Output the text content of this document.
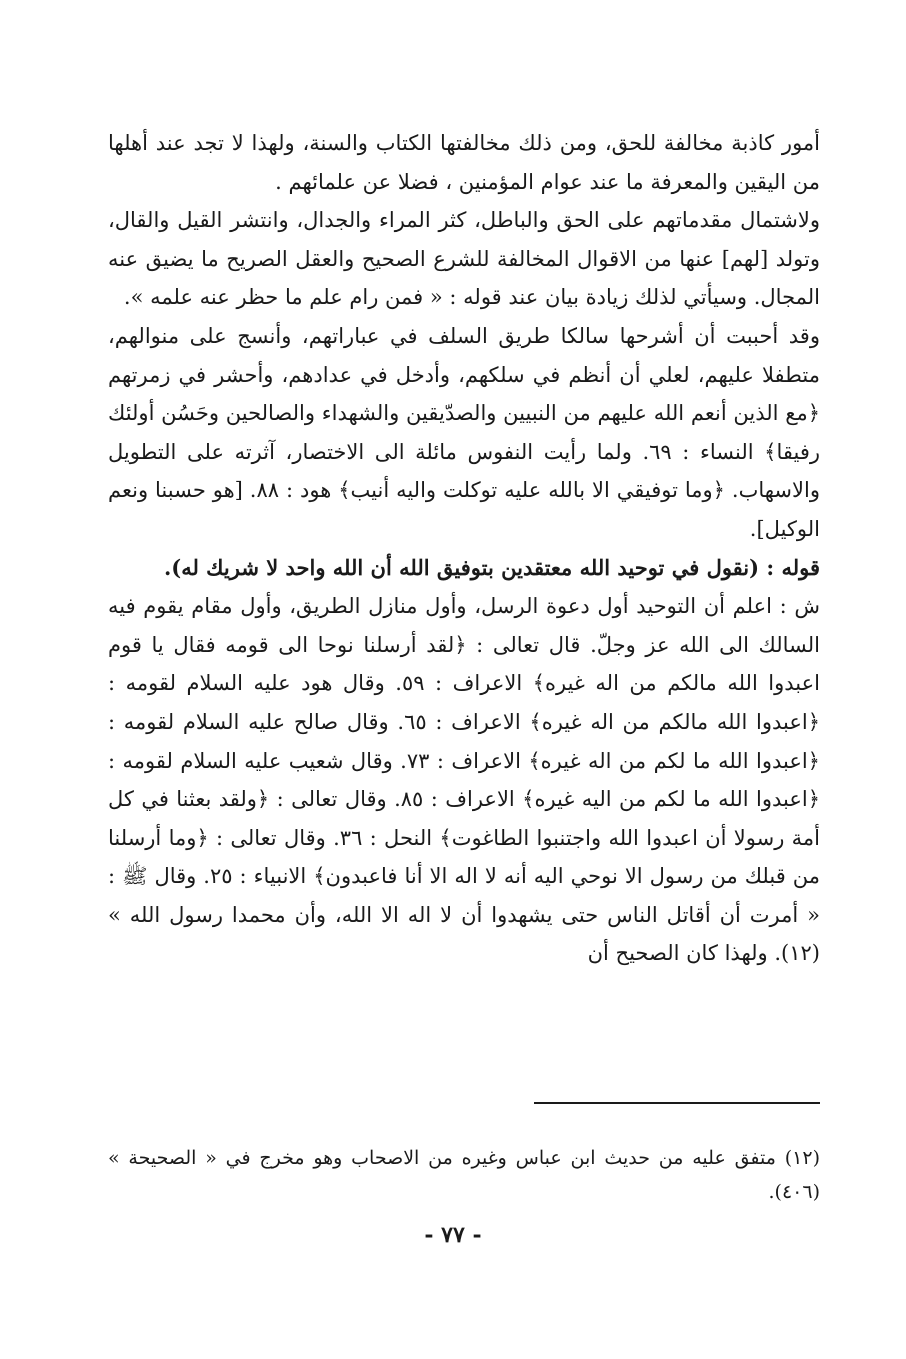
أمور كاذبة مخالفة للحق، ومن ذلك مخالفتها الكتاب والسنة، ولهذا لا تجد عند أهلها من اليقين والمعرفة ما عند عوام المؤمنين ، فضلا عن علمائهم .

ولاشتمال مقدماتهم على الحق والباطل، كثر المراء والجدال، وانتشر القيل والقال، وتولد [لهم] عنها من الاقوال المخالفة للشرع الصحيح والعقل الصريح ما يضيق عنه المجال. وسيأتي لذلك زيادة بيان عند قوله : « فمن رام علم ما حظر عنه علمه ».

وقد أحببت أن أشرحها سالكا طريق السلف في عباراتهم، وأنسج على منوالهم، متطفلا عليهم، لعلي أن أنظم في سلكهم، وأدخل في عدادهم، وأحشر في زمرتهم ﴿مع الذين أنعم الله عليهم من النبيين والصدّيقين والشهداء والصالحين وحَسُن أولئك رفيقا﴾ النساء : ٦٩. ولما رأيت النفوس مائلة الى الاختصار، آثرته على التطويل والاسهاب. ﴿وما توفيقي الا بالله عليه توكلت واليه أنيب﴾ هود : ٨٨. [هو حسبنا ونعم الوكيل].

قوله : (نقول في توحيد الله معتقدين بتوفيق الله أن الله واحد لا شريك له).

ش : اعلم أن التوحيد أول دعوة الرسل، وأول منازل الطريق، وأول مقام يقوم فيه السالك الى الله عز وجلّ. قال تعالى : ﴿لقد أرسلنا نوحا الى قومه فقال يا قوم اعبدوا الله مالكم من اله غيره﴾ الاعراف : ٥٩. وقال هود عليه السلام لقومه : ﴿اعبدوا الله مالكم من اله غيره﴾ الاعراف : ٦٥. وقال صالح عليه السلام لقومه : ﴿اعبدوا الله ما لكم من اله غيره﴾ الاعراف : ٧٣. وقال شعيب عليه السلام لقومه : ﴿اعبدوا الله ما لكم من اليه غيره﴾ الاعراف : ٨٥. وقال تعالى : ﴿ولقد بعثنا في كل أمة رسولا أن اعبدوا الله واجتنبوا الطاغوت﴾ النحل : ٣٦. وقال تعالى : ﴿وما أرسلنا من قبلك من رسول الا نوحي اليه أنه لا اله الا أنا فاعبدون﴾ الانبياء : ٢٥. وقال ﷺ : « أمرت أن أقاتل الناس حتى يشهدوا أن لا اله الا الله، وأن محمدا رسول الله » (١٢). ولهذا كان الصحيح أن

(١٢) متفق عليه من حديث ابن عباس وغيره من الاصحاب وهو مخرج في « الصحيحة » (٤٠٦).

- ٧٧ -
